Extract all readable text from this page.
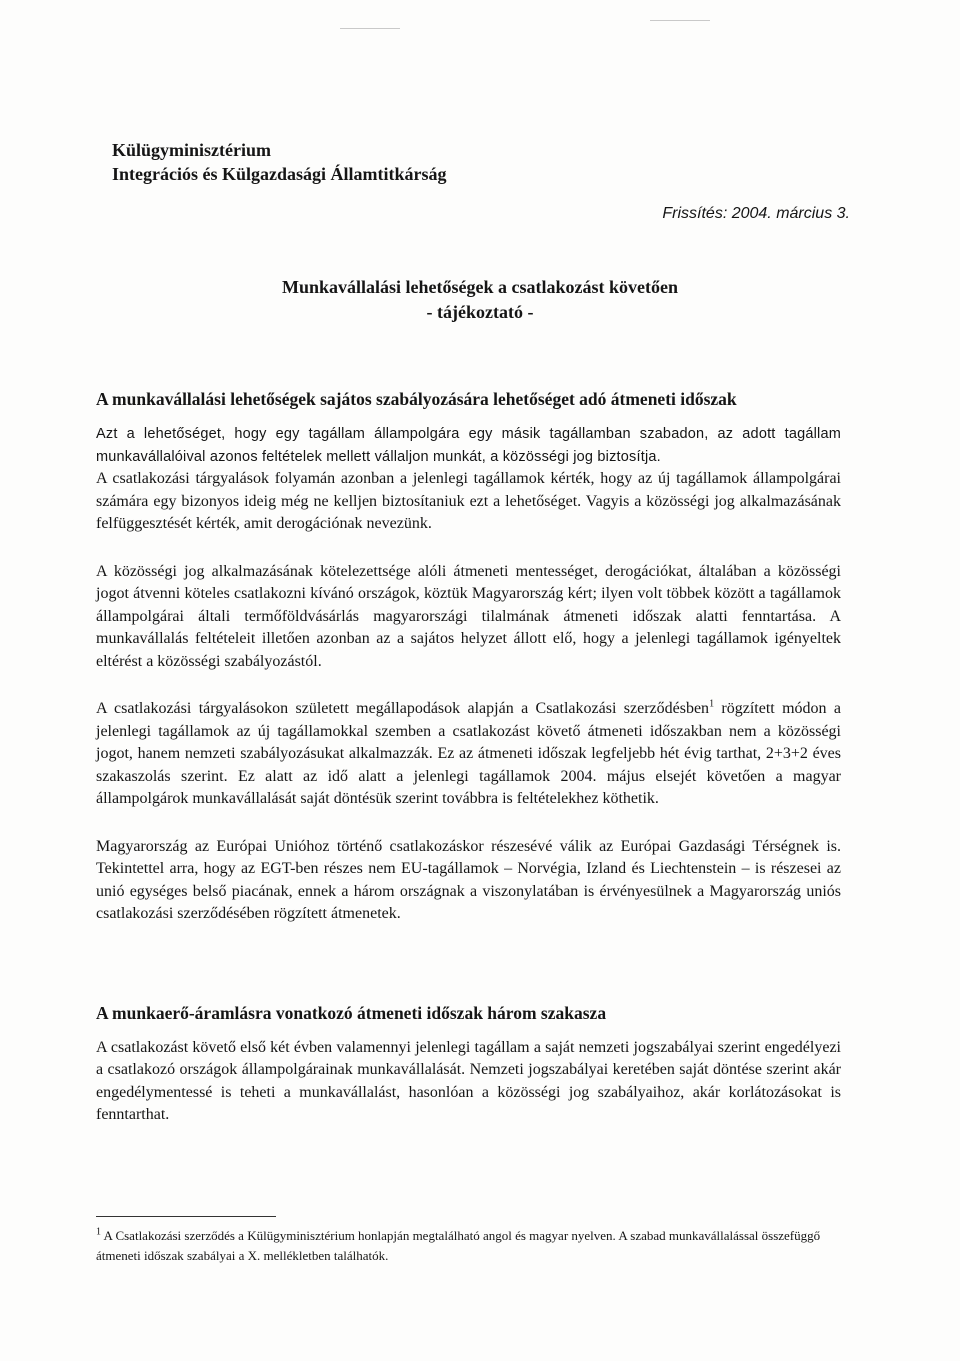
Külügyminisztérium
Integrációs és Külgazdasági Államtitkárság
Frissítés: 2004. március 3.
Munkavállalási lehetőségek a csatlakozást követően
- tájékoztató -
A munkavállalási lehetőségek sajátos szabályozására lehetőséget adó átmeneti időszak

Azt a lehetőséget, hogy egy tagállam állampolgára egy másik tagállamban szabadon, az adott tagállam munkavállalóival azonos feltételek mellett vállaljon munkát, a közösségi jog biztosítja.

A csatlakozási tárgyalások folyamán azonban a jelenlegi tagállamok kérték, hogy az új tagállamok állampolgárai számára egy bizonyos ideig még ne kelljen biztosítaniuk ezt a lehetőséget. Vagyis a közösségi jog alkalmazásának felfüggesztését kérték, amit derogációnak nevezünk.

A közösségi jog alkalmazásának kötelezettsége alóli átmeneti mentességet, derogációkat, általában a közösségi jogot átvenni köteles csatlakozni kívánó országok, köztük Magyarország kért; ilyen volt többek között a tagállamok állampolgárai általi termőföldvásárlás magyarországi tilalmának átmeneti időszak alatti fenntartása. A munkavállalás feltételeit illetően azonban az a sajátos helyzet állott elő, hogy a jelenlegi tagállamok igényeltek eltérést a közösségi szabályozástól.

A csatlakozási tárgyalásokon született megállapodások alapján a Csatlakozási szerződésben$^1$ rögzített módon a jelenlegi tagállamok az új tagállamokkal szemben a csatlakozást követő átmeneti időszakban nem a közösségi jogot, hanem nemzeti szabályozásukat alkalmazzák. Ez az átmeneti időszak legfeljebb hét évig tarthat, 2+3+2 éves szakaszolás szerint. Ez alatt az idő alatt a jelenlegi tagállamok 2004. május elsejét követően a magyar állampolgárok munkavállalását saját döntésük szerint továbbra is feltételekhez köthetik.

Magyarország az Európai Unióhoz történő csatlakozáskor részesévé válik az Európai Gazdasági Térségnek is. Tekintettel arra, hogy az EGT-ben részes nem EU-tagállamok – Norvégia, Izland és Liechtenstein – is részesei az unió egységes belső piacának, ennek a három országnak a viszonylatában is érvényesülnek a Magyarország uniós csatlakozási szerződésében rögzített átmenetek.

A munkaerő-áramlásra vonatkozó átmeneti időszak három szakasza

A csatlakozást követő első két évben valamennyi jelenlegi tagállam a saját nemzeti jogszabályai szerint engedélyezi a csatlakozó országok állampolgárainak munkavállalását. Nemzeti jogszabályai keretében saját döntése szerint akár engedélymentessé is teheti a munkavállalást, hasonlóan a közösségi jog szabályaihoz, akár korlátozásokat is fenntarthat.

$^1$ A Csatlakozási szerződés a Külügyminisztérium honlapján megtalálható angol és magyar nyelven. A szabad munkavállalással összefüggő átmeneti időszak szabályai a X. mellékletben találhatók.
